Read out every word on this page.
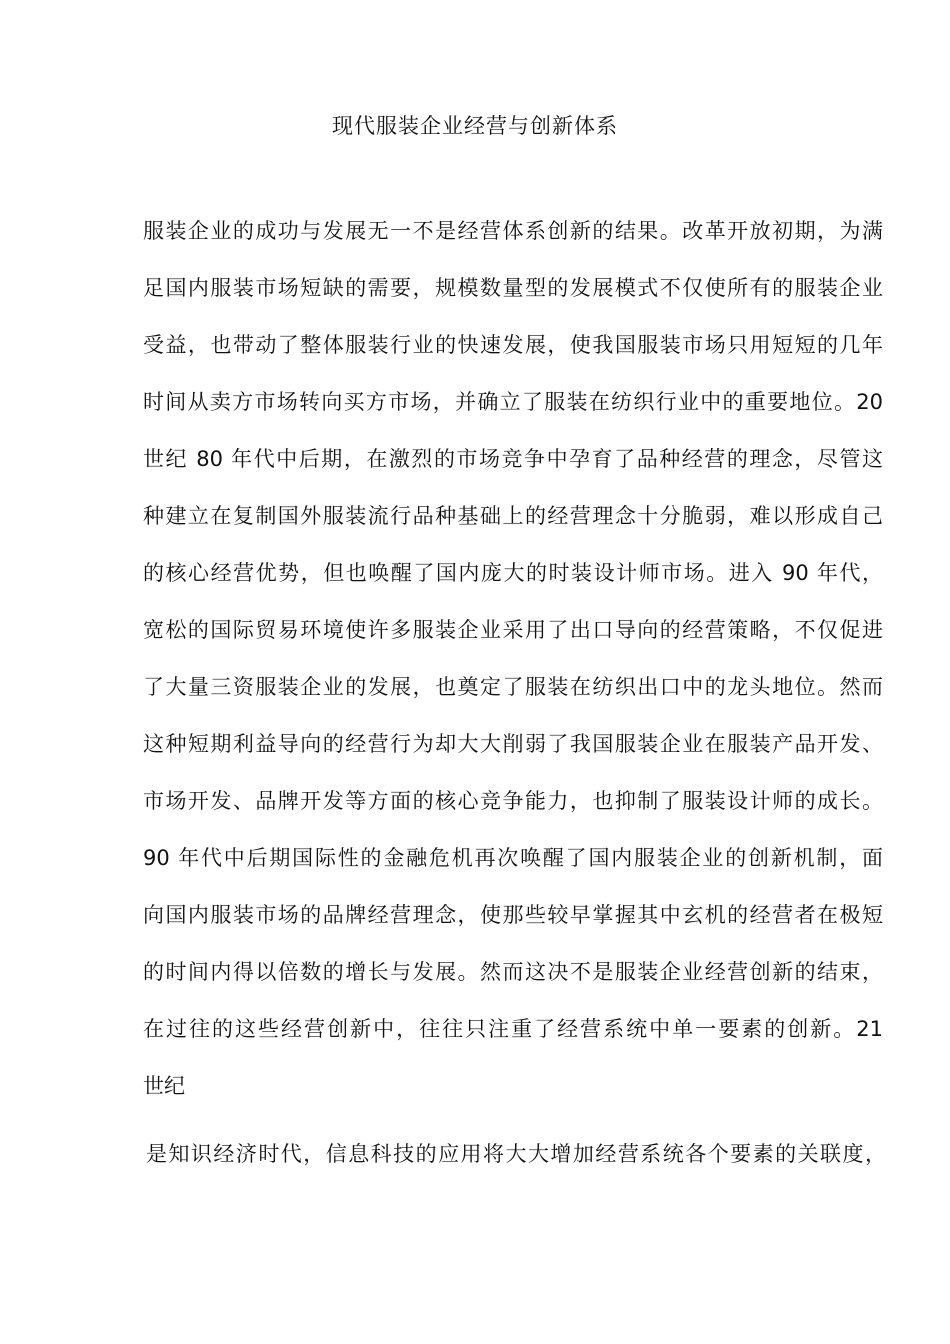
现代服装企业经营与创新体系
服装企业的成功与发展无一不是经营体系创新的结果。改革开放初期，为满
足国内服装市场短缺的需要，规模数量型的发展模式不仅使所有的服装企业
受益，也带动了整体服装行业的快速发展，使我国服装市场只用短短的几年
时间从卖方市场转向买方市场，并确立了服装在纺织行业中的重要地位。20
世纪 80 年代中后期，在激烈的市场竞争中孕育了品种经营的理念，尽管这
种建立在复制国外服装流行品种基础上的经营理念十分脆弱，难以形成自己
的核心经营优势，但也唤醒了国内庞大的时装设计师市场。进入 90 年代，
宽松的国际贸易环境使许多服装企业采用了出口导向的经营策略，不仅促进
了大量三资服装企业的发展，也奠定了服装在纺织出口中的龙头地位。然而
这种短期利益导向的经营行为却大大削弱了我国服装企业在服装产品开发、
市场开发、品牌开发等方面的核心竞争能力，也抑制了服装设计师的成长。
90 年代中后期国际性的金融危机再次唤醒了国内服装企业的创新机制，面
向国内服装市场的品牌经营理念，使那些较早掌握其中玄机的经营者在极短
的时间内得以倍数的增长与发展。然而这决不是服装企业经营创新的结束，
在过往的这些经营创新中，往往只注重了经营系统中单一要素的创新。21
世纪
是知识经济时代，信息科技的应用将大大增加经营系统各个要素的关联度，
